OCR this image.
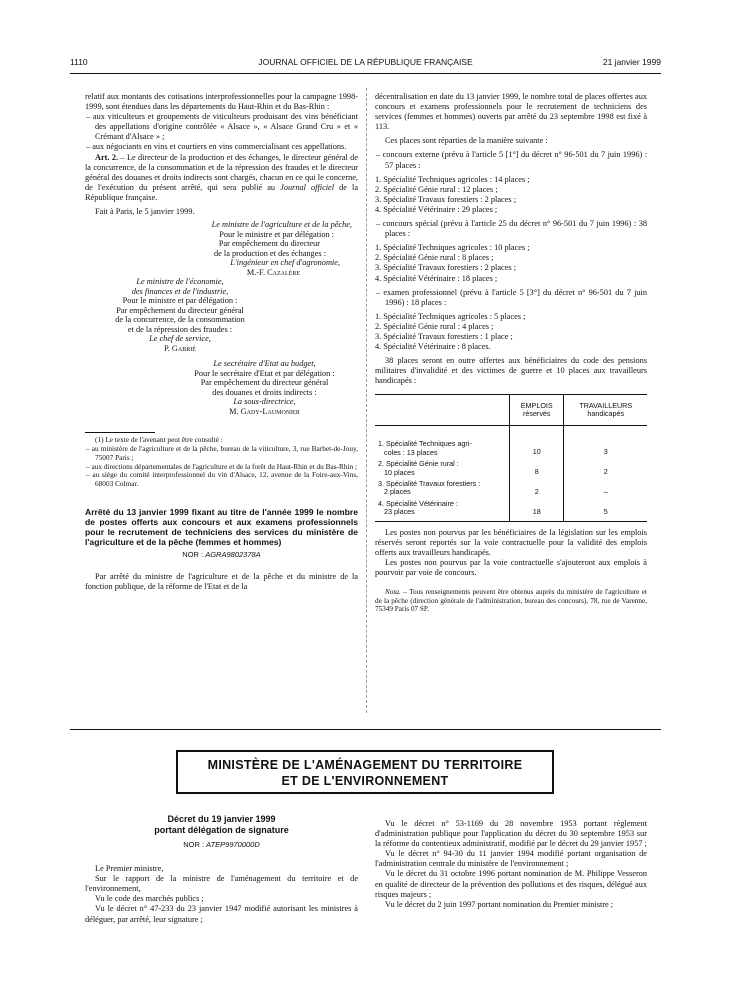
1110	JOURNAL OFFICIEL DE LA RÉPUBLIQUE FRANÇAISE	21 janvier 1999

relatif aux montants des cotisations interprofessionnelles pour la campagne 1998-1999, sont étendues dans les départements du Haut-Rhin et du Bas-Rhin :

– aux viticulteurs et groupements de viticulteurs produisant des vins bénéficiant des appellations d'origine contrôlée « Alsace », « Alsace Grand Cru » et « Crémant d'Alsace » ;

– aux négociants en vins et courtiers en vins commercialisant ces appellations.

Art. 2. – Le directeur de la production et des échanges, le directeur général de la concurrence, de la consommation et de la répression des fraudes et le directeur général des douanes et droits indirects sont chargés, chacun en ce qui le concerne, de l'exécution du présent arrêté, qui sera publié au Journal officiel de la République française.

Fait à Paris, le 5 janvier 1999.

Le ministre de l'agriculture et de la pêche,

Pour le ministre et par délégation :

Par empêchement du directeur

de la production et des échanges :

L'ingénieur en chef d'agronomie,

M.-F. Cazalère

Le ministre de l'économie,

des finances et de l'industrie,

Pour le ministre et par délégation :

Par empêchement du directeur général

de la concurrence, de la consommation

et de la répression des fraudes :

Le chef de service,

P. Gabrié

Le secrétaire d'Etat au budget,

Pour le secrétaire d'Etat et par délégation :

Par empêchement du directeur général

des douanes et droits indirects :

La sous-directrice,

M. Gady-Laumonier

(1) Le texte de l'avenant peut être consulté :

– au ministère de l'agriculture et de la pêche, bureau de la viticulture, 3, rue Barbet-de-Jouy, 75007 Paris ;

– aux directions départementales de l'agriculture et de la forêt du Haut-Rhin et du Bas-Rhin ;

– au siège du comité interprofessionnel du vin d'Alsace, 12, avenue de la Foire-aux-Vins, 68003 Colmar.

Arrêté du 13 janvier 1999 fixant au titre de l'année 1999 le nombre de postes offerts aux concours et aux examens professionnels pour le recrutement de techniciens des services du ministère de l'agriculture et de la pêche (femmes et hommes)

NOR : AGRA9802378A

Par arrêté du ministre de l'agriculture et de la pêche et du ministre de la fonction publique, de la réforme de l'Etat et de la

décentralisation en date du 13 janvier 1999, le nombre total de places offertes aux concours et examens professionnels pour le recrutement de techniciens des services (femmes et hommes) ouverts par arrêté du 23 septembre 1998 est fixé à 113.

Ces places sont réparties de la manière suivante :

– concours externe (prévu à l'article 5 [1°] du décret n° 96-501 du 7 juin 1996) : 57 places :

1. Spécialité Techniques agricoles : 14 places ;

2. Spécialité Génie rural : 12 places ;

3. Spécialité Travaux forestiers : 2 places ;

4. Spécialité Vétérinaire : 29 places ;

– concours spécial (prévu à l'article 25 du décret n° 96-501 du 7 juin 1996) : 38 places :

1. Spécialité Techniques agricoles : 10 places ;

2. Spécialité Génie rural : 8 places ;

3. Spécialité Travaux forestiers : 2 places ;

4. Spécialité Vétérinaire : 18 places ;

– examen professionnel (prévu à l'article 5 [3°] du décret n° 96-501 du 7 juin 1996) : 18 places :

1. Spécialité Techniques agricoles : 5 places ;

2. Spécialité Génie rural : 4 places ;

3. Spécialité Travaux forestiers : 1 place ;

4. Spécialité Vétérinaire : 8 places.

38 places seront en outre offertes aux bénéficiaires du code des pensions militaires d'invalidité et des victimes de guerre et 10 places aux travailleurs handicapés :

	EMPLOIS
réservés	TRAVAILLEURS
handicapés
1. Spécialité Techniques agri-
coles : 13 places	10	3
2. Spécialité Génie rural :
10 places	8	2
3. Spécialité Travaux forestiers :
2 places	2	–
4. Spécialité Vétérinaire :
23 places	18	5

Les postes non pourvus par les bénéficiaires de la législation sur les emplois réservés seront reportés sur la voie contractuelle pour la validité des emplois offerts aux travailleurs handicapés.

Les postes non pourvus par la voie contractuelle s'ajouteront aux emplois à pourvoir par voie de concours.

Nota. – Tous renseignements peuvent être obtenus auprès du ministère de l'agriculture et de la pêche (direction générale de l'administration, bureau des concours), 78, rue de Varenne, 75349 Paris 07 SP.

MINISTÈRE DE L'AMÉNAGEMENT DU TERRITOIRE
ET DE L'ENVIRONNEMENT

Décret du 19 janvier 1999

portant délégation de signature

NOR : ATEP9970000D

Le Premier ministre,

Sur le rapport de la ministre de l'aménagement du territoire et de l'environnement,

Vu le code des marchés publics ;

Vu le décret n° 47-233 du 23 janvier 1947 modifié autorisant les ministres à déléguer, par arrêté, leur signature ;

Vu le décret n° 53-1169 du 28 novembre 1953 portant règlement d'administration publique pour l'application du décret du 30 septembre 1953 sur la réforme du contentieux administratif, modifié par le décret du 29 janvier 1957 ;

Vu le décret n° 94-30 du 11 janvier 1994 modifié portant organisation de l'administration centrale du ministère de l'environnement ;

Vu le décret du 31 octobre 1996 portant nomination de M. Philippe Vesseron en qualité de directeur de la prévention des pollutions et des risques, délégué aux risques majeurs ;

Vu le décret du 2 juin 1997 portant nomination du Premier ministre ;
